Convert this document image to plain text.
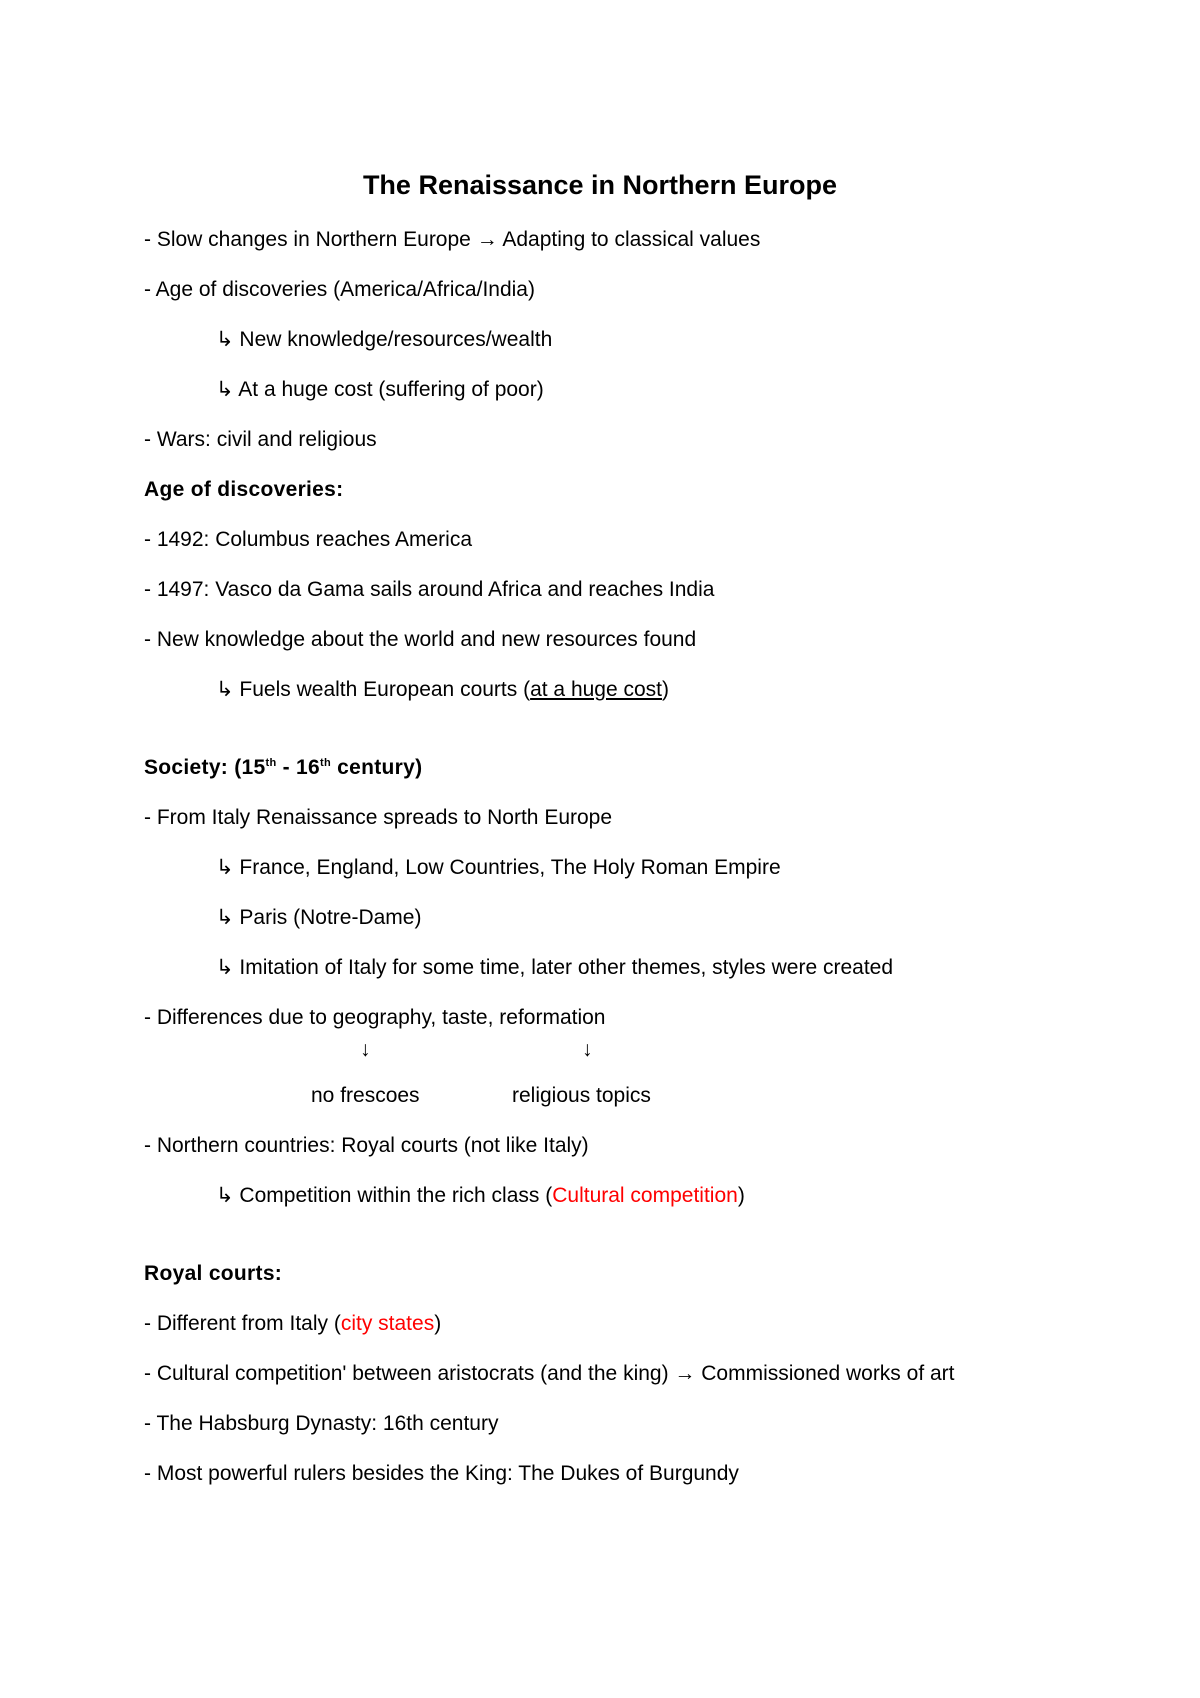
The Renaissance in Northern Europe
- Slow changes in Northern Europe → Adapting to classical values
- Age of discoveries (America/Africa/India)
↳ New knowledge/resources/wealth
↳ At a huge cost (suffering of poor)
- Wars: civil and religious
Age of discoveries:
- 1492: Columbus reaches America
- 1497: Vasco da Gama sails around Africa and reaches India
- New knowledge about the world and new resources found
↳ Fuels wealth European courts (at a huge cost)
Society: (15th - 16th century)
- From Italy Renaissance spreads to North Europe
↳ France, England, Low Countries, The Holy Roman Empire
↳ Paris (Notre-Dame)
↳ Imitation of Italy for some time, later other themes, styles were created
- Differences due to geography, taste, reformation
↓	↓
no frescoes	religious topics
- Northern countries: Royal courts (not like Italy)
↳ Competition within the rich class (Cultural competition)
Royal courts:
- Different from Italy (city states)
- Cultural competition' between aristocrats (and the king) → Commissioned works of art
- The Habsburg Dynasty: 16th century
- Most powerful rulers besides the King: The Dukes of Burgundy
